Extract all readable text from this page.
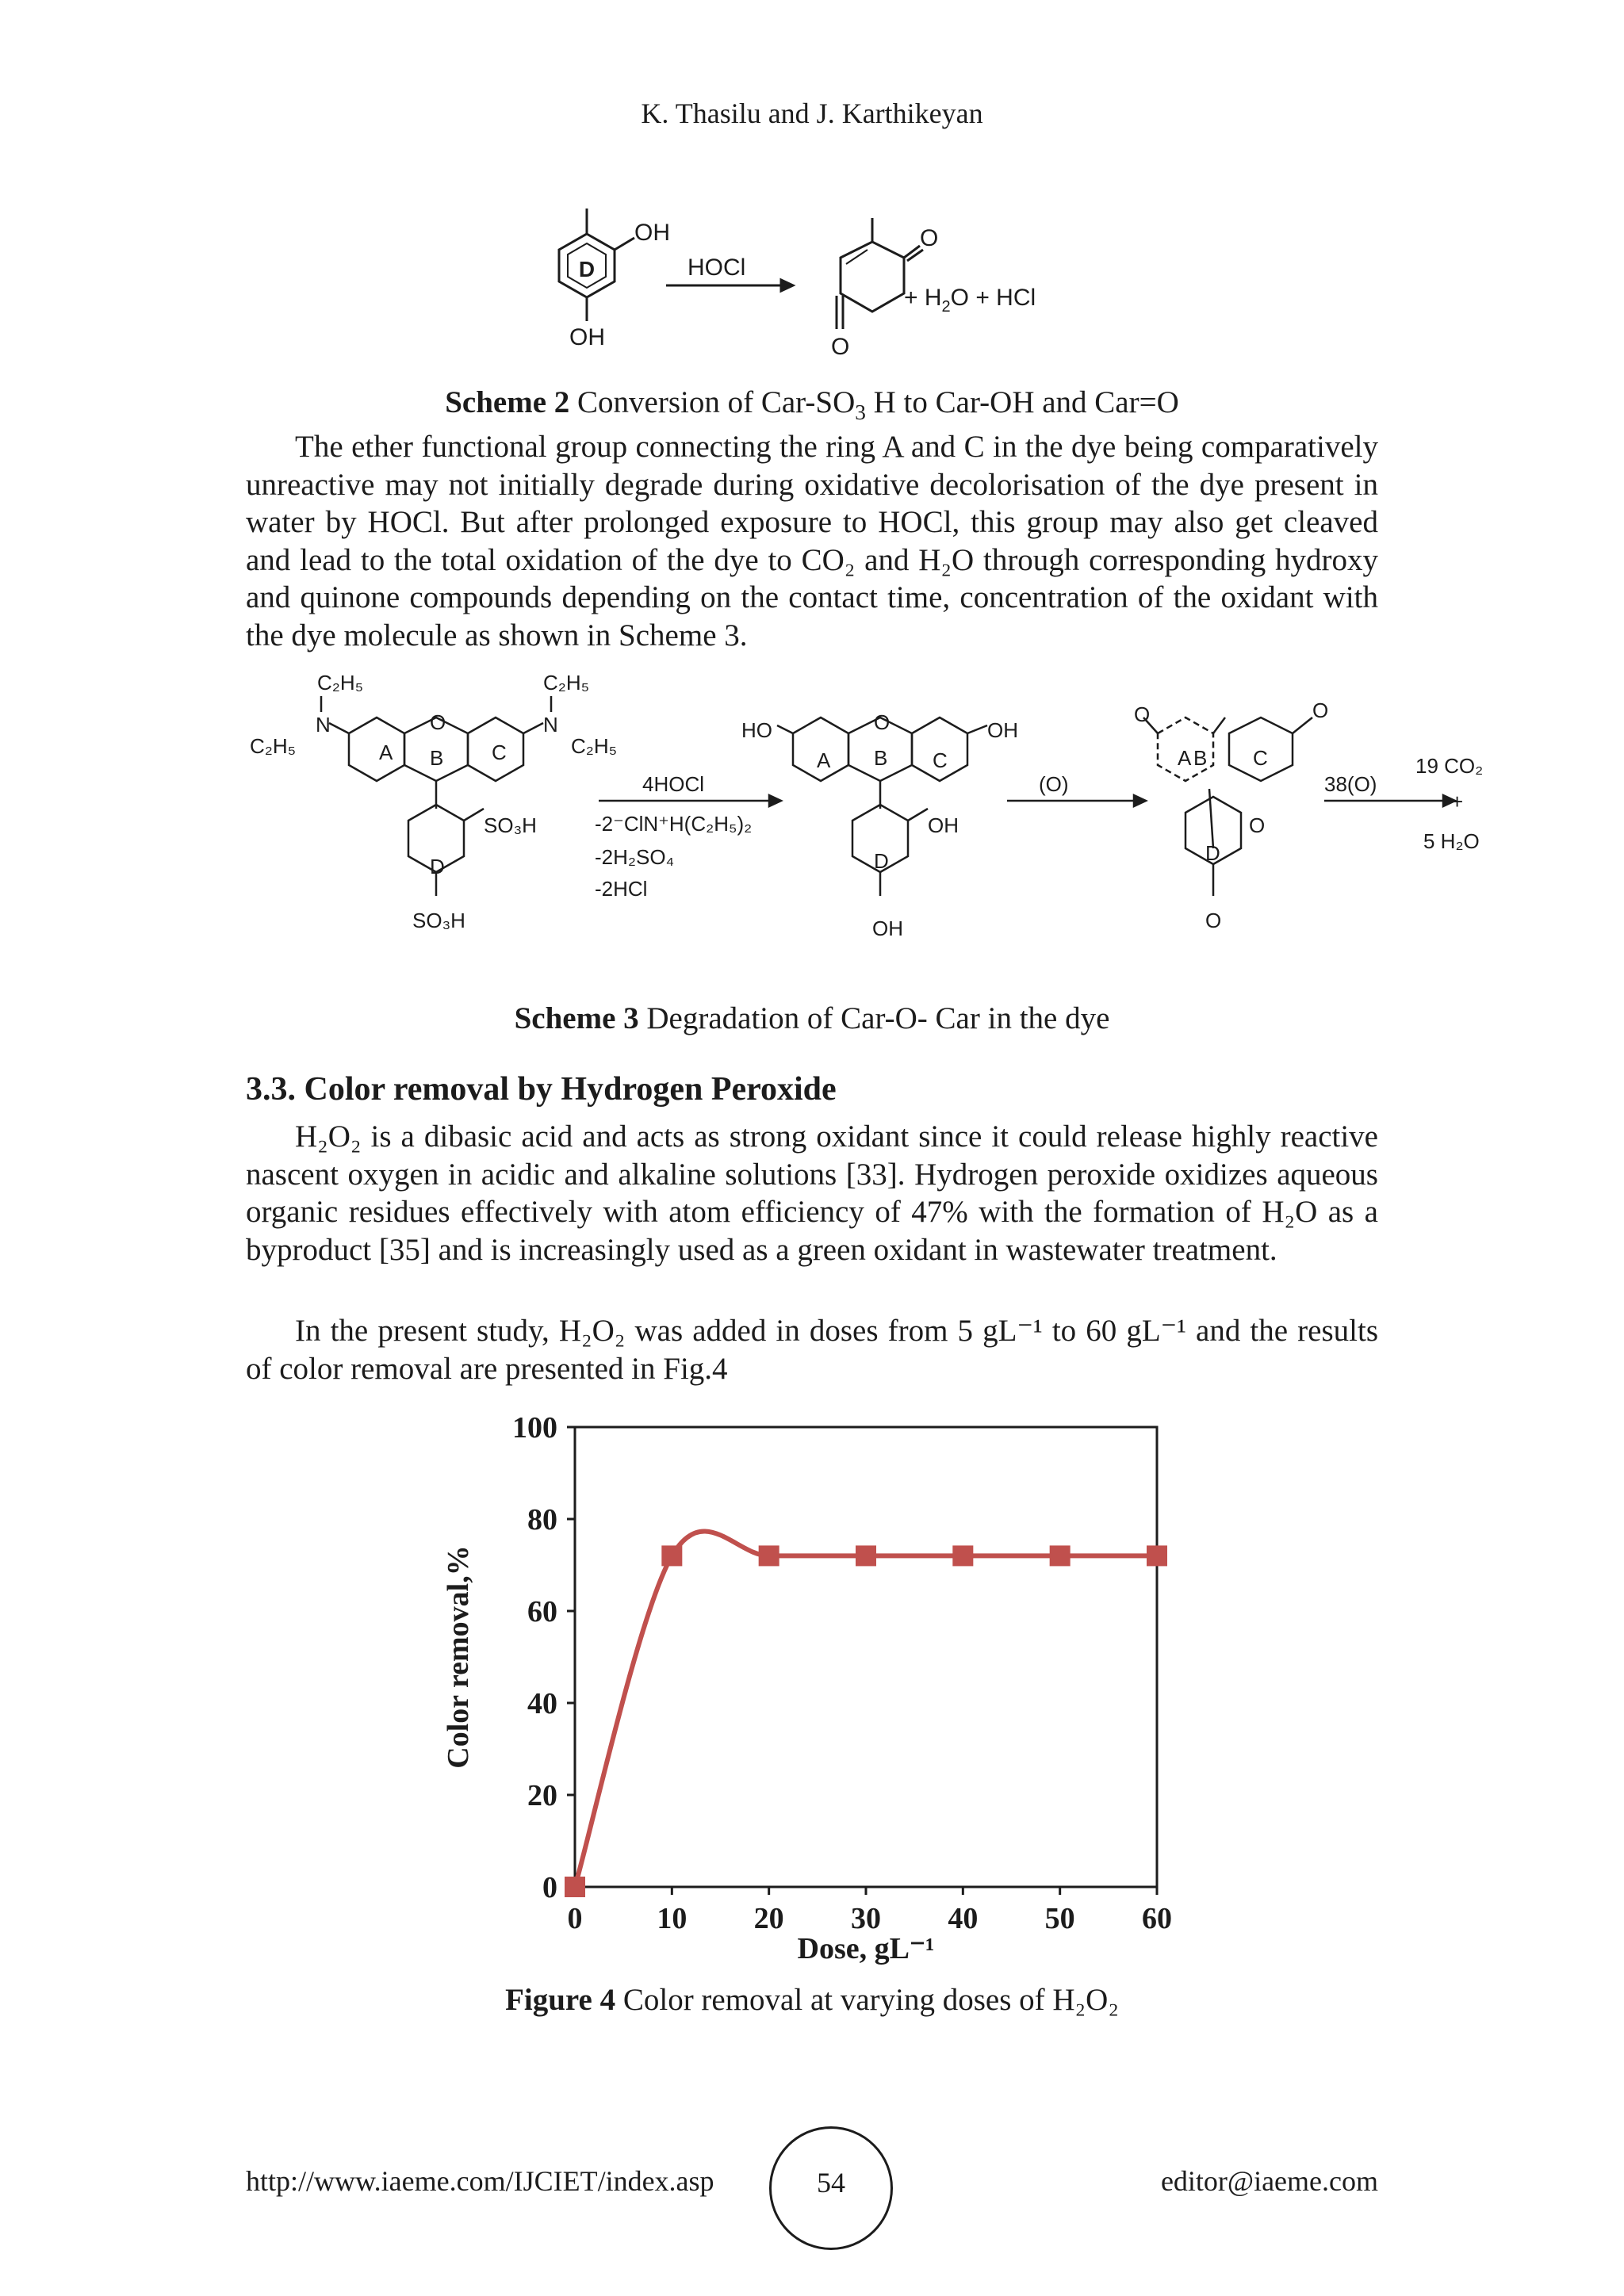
K. Thasilu and J. Karthikeyan
D
OH
OH
HOCl
O
O
+ $H_2O$ + HCl
Scheme 2 Conversion of Car-$SO_3$ H to Car-OH and Car=O
The ether functional group connecting the ring A and C in the dye being comparatively unreactive may not initially degrade during oxidative decolorisation of the dye present in water by HOCl. But after prolonged exposure to HOCl, this group may also get cleaved and lead to the total oxidation of the dye to CO₂ and H₂O through corresponding hydroxy and quinone compounds depending on the contact time, concentration of the oxidant with the dye molecule as shown in Scheme 3.
C₂H₅	C₂H₅
N	N
C₂H₅	C₂H₅
O
A B C
SO₃H
D
SO₃H
4HOCl
-2⁻ClN⁺H(C₂H₅)₂
-2H₂SO₄
-2HCl
HO	OH
O
A B C
OH
D
OH
(O)
O
A B C
O
O
D
O
38(O)
19 CO₂
+
5 H₂O
Scheme 3 Degradation of Car-O- Car in the dye
3.3. Color removal by Hydrogen Peroxide
H₂O₂ is a dibasic acid and acts as strong oxidant since it could release highly reactive nascent oxygen in acidic and alkaline solutions [33]. Hydrogen peroxide oxidizes aqueous organic residues effectively with atom efficiency of 47% with the formation of H₂O as a byproduct [35] and is increasingly used as a green oxidant in wastewater treatment.
In the present study, H₂O₂ was added in doses from 5 gL⁻¹ to 60 gL⁻¹ and the results of color removal are presented in Fig.4
0
20
40
60
80
100
0 10 20 30 40 50 60
Color removal,%
Dose, gL⁻¹
Figure 4 Color removal at varying doses of H₂O₂
http://www.iaeme.com/IJCIET/index.asp	54	editor@iaeme.com
